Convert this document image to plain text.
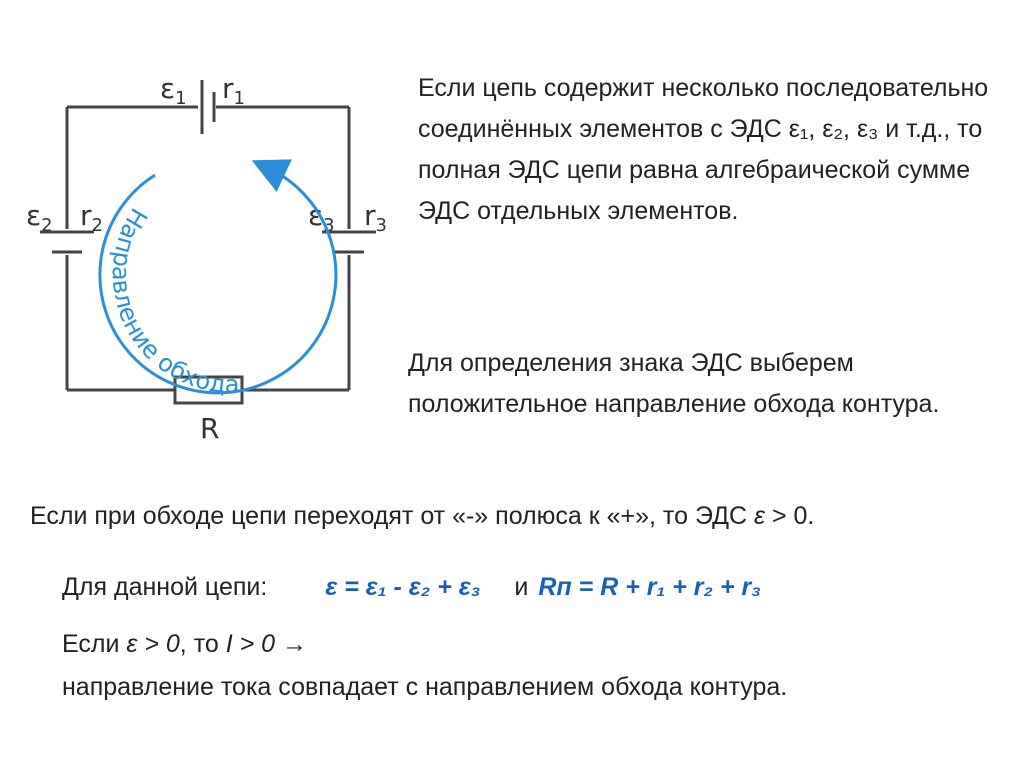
$\varepsilon_1$ $r_1$
$\varepsilon_2$ $r_2$	$\varepsilon_3$ $r_3$
R
Направление обхода

Если цепь содержит несколько последовательно соединённых элементов с ЭДС ε₁, ε₂, ε₃ и т.д., то полная ЭДС цепи равна алгебраической сумме ЭДС отдельных элементов.

Для определения знака ЭДС выберем положительное направление обхода контура.

Если при обходе цепи переходят от «-» полюса к «+», то ЭДС ε > 0.

Для данной цепи: ε = ε₁ - ε₂ + ε₃ и Rп = R + r₁ + r₂ + r₃
Если ε > 0, то I > 0 →
направление тока совпадает с направлением обхода контура.
